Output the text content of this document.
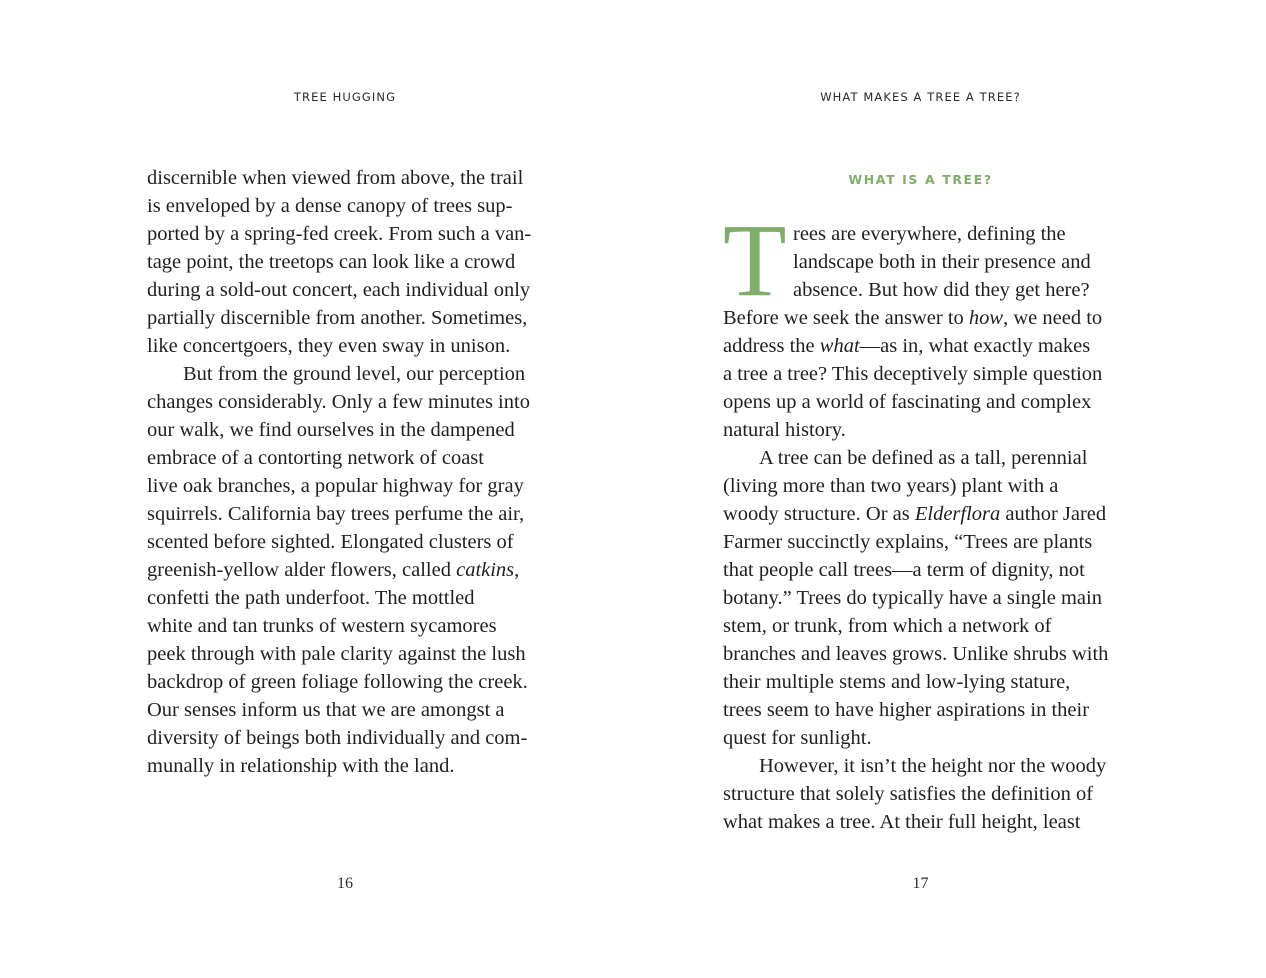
TREE HUGGING
discernible when viewed from above, the trail
is enveloped by a dense canopy of trees sup-
ported by a spring-fed creek. From such a van-
tage point, the treetops can look like a crowd
during a sold-out concert, each individual only
partially discernible from another. Sometimes,
like concertgoers, they even sway in unison.
But from the ground level, our perception
changes considerably. Only a few minutes into
our walk, we find ourselves in the dampened
embrace of a contorting network of coast
live oak branches, a popular highway for gray
squirrels. California bay trees perfume the air,
scented before sighted. Elongated clusters of
greenish-yellow alder flowers, called catkins,
confetti the path underfoot. The mottled
white and tan trunks of western sycamores
peek through with pale clarity against the lush
backdrop of green foliage following the creek.
Our senses inform us that we are amongst a
diversity of beings both individually and com-
munally in relationship with the land.
16
WHAT MAKES A TREE A TREE?
WHAT IS A TREE?
T rees are everywhere, defining the
landscape both in their presence and
absence. But how did they get here?
Before we seek the answer to how, we need to
address the what—as in, what exactly makes
a tree a tree? This deceptively simple question
opens up a world of fascinating and complex
natural history.
A tree can be defined as a tall, perennial
(living more than two years) plant with a
woody structure. Or as Elderflora author Jared
Farmer succinctly explains, “Trees are plants
that people call trees—a term of dignity, not
botany.” Trees do typically have a single main
stem, or trunk, from which a network of
branches and leaves grows. Unlike shrubs with
their multiple stems and low-lying stature,
trees seem to have higher aspirations in their
quest for sunlight.
However, it isn’t the height nor the woody
structure that solely satisfies the definition of
what makes a tree. At their full height, least
17
